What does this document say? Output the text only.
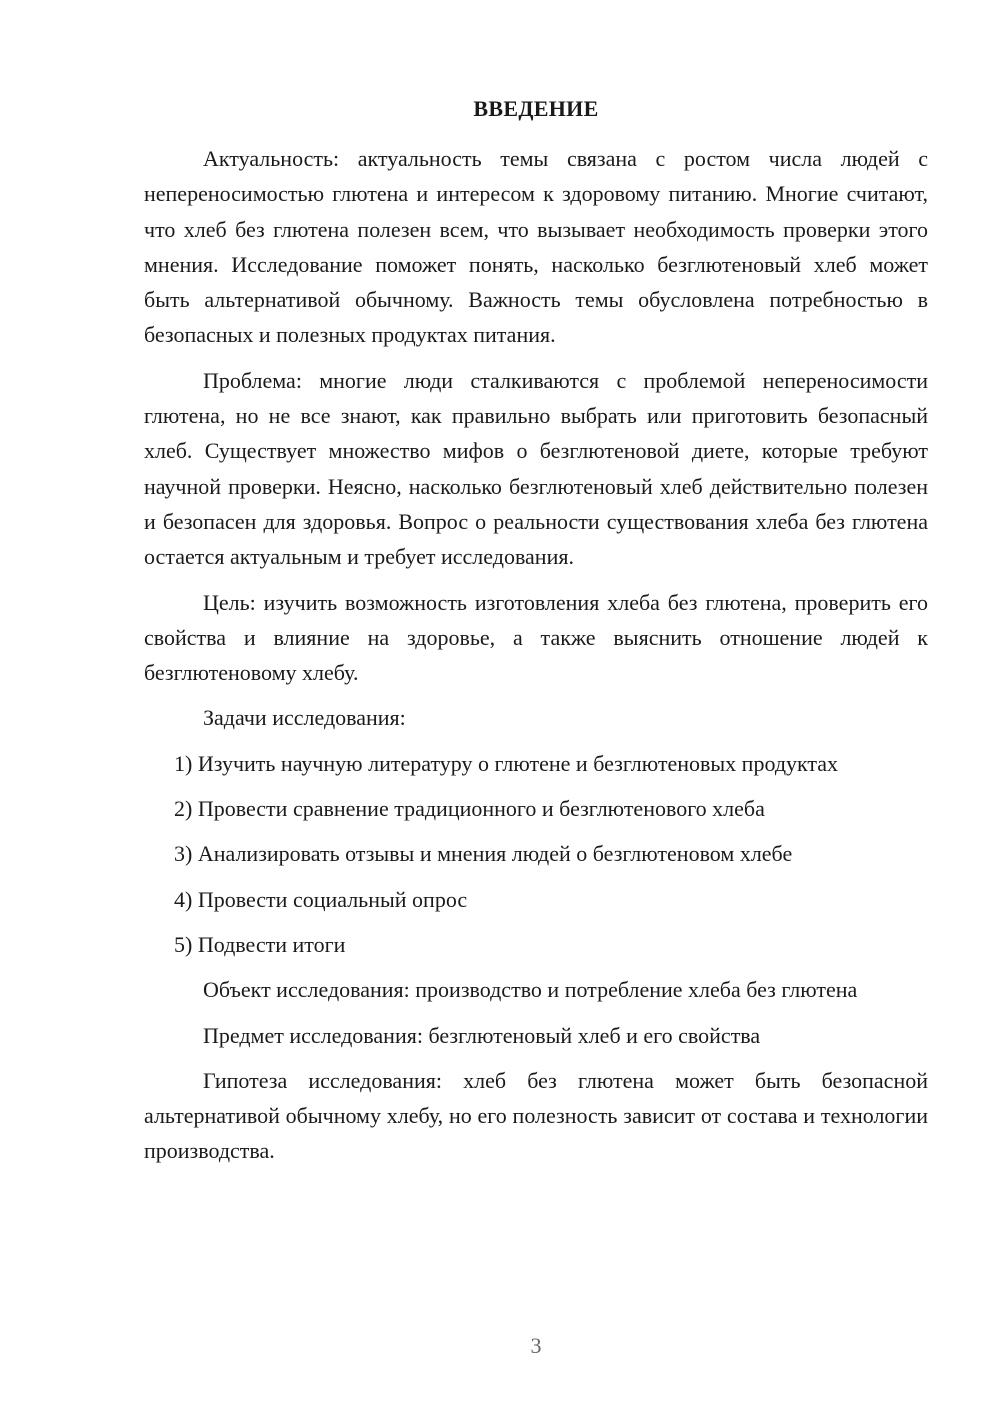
ВВЕДЕНИЕ

Актуальность: актуальность темы связана с ростом числа людей с непереносимостью глютена и интересом к здоровому питанию. Многие считают, что хлеб без глютена полезен всем, что вызывает необходимость проверки этого мнения. Исследование поможет понять, насколько безглютеновый хлеб может быть альтернативой обычному. Важность темы обусловлена потребностью в безопасных и полезных продуктах питания.

Проблема: многие люди сталкиваются с проблемой непереносимости глютена, но не все знают, как правильно выбрать или приготовить безопасный хлеб. Существует множество мифов о безглютеновой диете, которые требуют научной проверки. Неясно, насколько безглютеновый хлеб действительно полезен и безопасен для здоровья. Вопрос о реальности существования хлеба без глютена остается актуальным и требует исследования.

Цель: изучить возможность изготовления хлеба без глютена, проверить его свойства и влияние на здоровье, а также выяснить отношение людей к безглютеновому хлебу.

Задачи исследования:

1) Изучить научную литературу о глютене и безглютеновых продуктах

2) Провести сравнение традиционного и безглютенового хлеба

3) Анализировать отзывы и мнения людей о безглютеновом хлебе

4) Провести социальный опрос

5) Подвести итоги

Объект исследования: производство и потребление хлеба без глютена

Предмет исследования: безглютеновый хлеб и его свойства

Гипотеза исследования: хлеб без глютена может быть безопасной альтернативой обычному хлебу, но его полезность зависит от состава и технологии производства.

3
